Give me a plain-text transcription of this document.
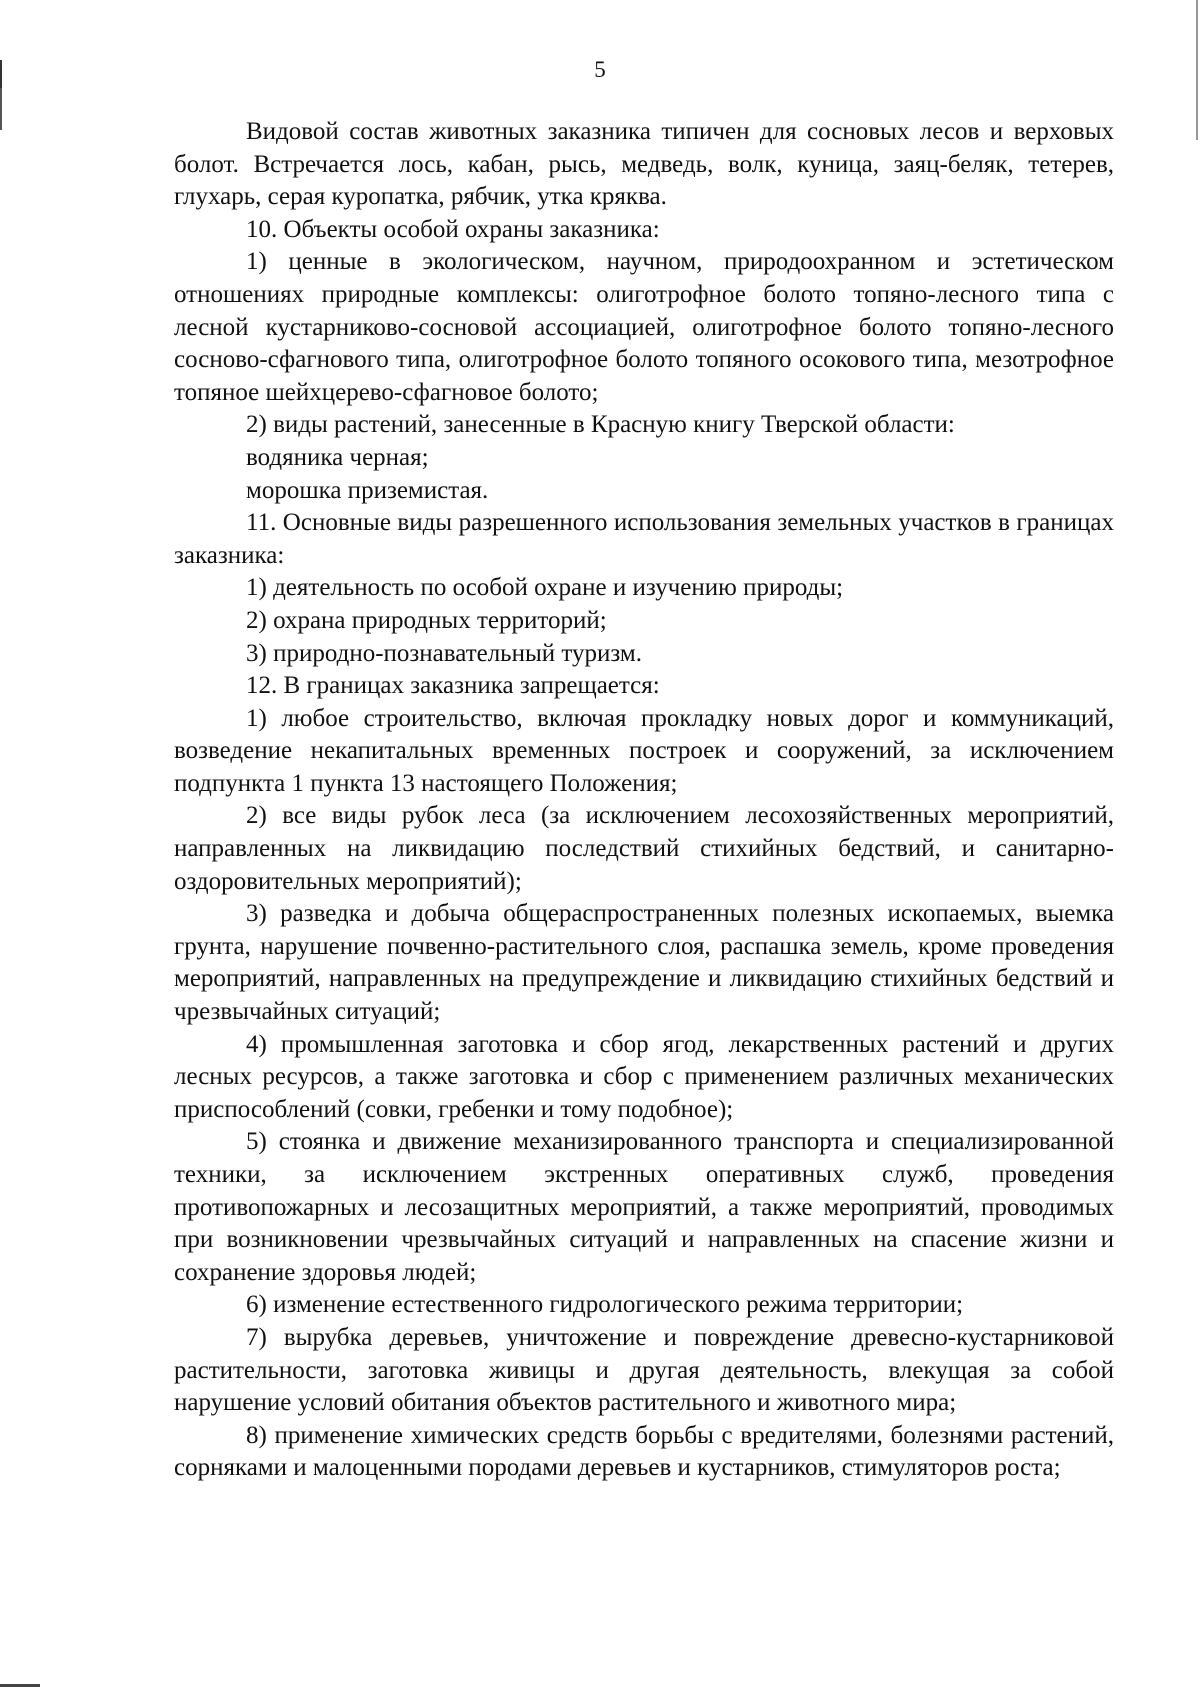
5

Видовой состав животных заказника типичен для сосновых лесов и верховых болот. Встречается лось, кабан, рысь, медведь, волк, куница, заяц-беляк, тетерев, глухарь, серая куропатка, рябчик, утка кряква.

10. Объекты особой охраны заказника:

1) ценные в экологическом, научном, природоохранном и эстетическом отношениях природные комплексы: олиготрофное болото топяно-лесного типа с лесной кустарниково-сосновой ассоциацией, олиготрофное болото топяно-лесного сосново-сфагнового типа, олиготрофное болото топяного осокового типа, мезотрофное топяное шейхцерево-сфагновое болото;

2) виды растений, занесенные в Красную книгу Тверской области:

водяника черная;

морошка приземистая.

11. Основные виды разрешенного использования земельных участков в границах заказника:

1) деятельность по особой охране и изучению природы;

2) охрана природных территорий;

3) природно-познавательный туризм.

12. В границах заказника запрещается:

1) любое строительство, включая прокладку новых дорог и коммуникаций, возведение некапитальных временных построек и сооружений, за исключением подпункта 1 пункта 13 настоящего Положения;

2) все виды рубок леса (за исключением лесохозяйственных мероприятий, направленных на ликвидацию последствий стихийных бедствий, и санитарно-оздоровительных мероприятий);

3) разведка и добыча общераспространенных полезных ископаемых, выемка грунта, нарушение почвенно-растительного слоя, распашка земель, кроме проведения мероприятий, направленных на предупреждение и ликвидацию стихийных бедствий и чрезвычайных ситуаций;

4) промышленная заготовка и сбор ягод, лекарственных растений и других лесных ресурсов, а также заготовка и сбор с применением различных механических приспособлений (совки, гребенки и тому подобное);

5) стоянка и движение механизированного транспорта и специализированной техники, за исключением экстренных оперативных служб, проведения противопожарных и лесозащитных мероприятий, а также мероприятий, проводимых при возникновении чрезвычайных ситуаций и направленных на спасение жизни и сохранение здоровья людей;

6) изменение естественного гидрологического режима территории;

7) вырубка деревьев, уничтожение и повреждение древесно-кустарниковой растительности, заготовка живицы и другая деятельность, влекущая за собой нарушение условий обитания объектов растительного и животного мира;

8) применение химических средств борьбы с вредителями, болезнями растений, сорняками и малоценными породами деревьев и кустарников, стимуляторов роста;
